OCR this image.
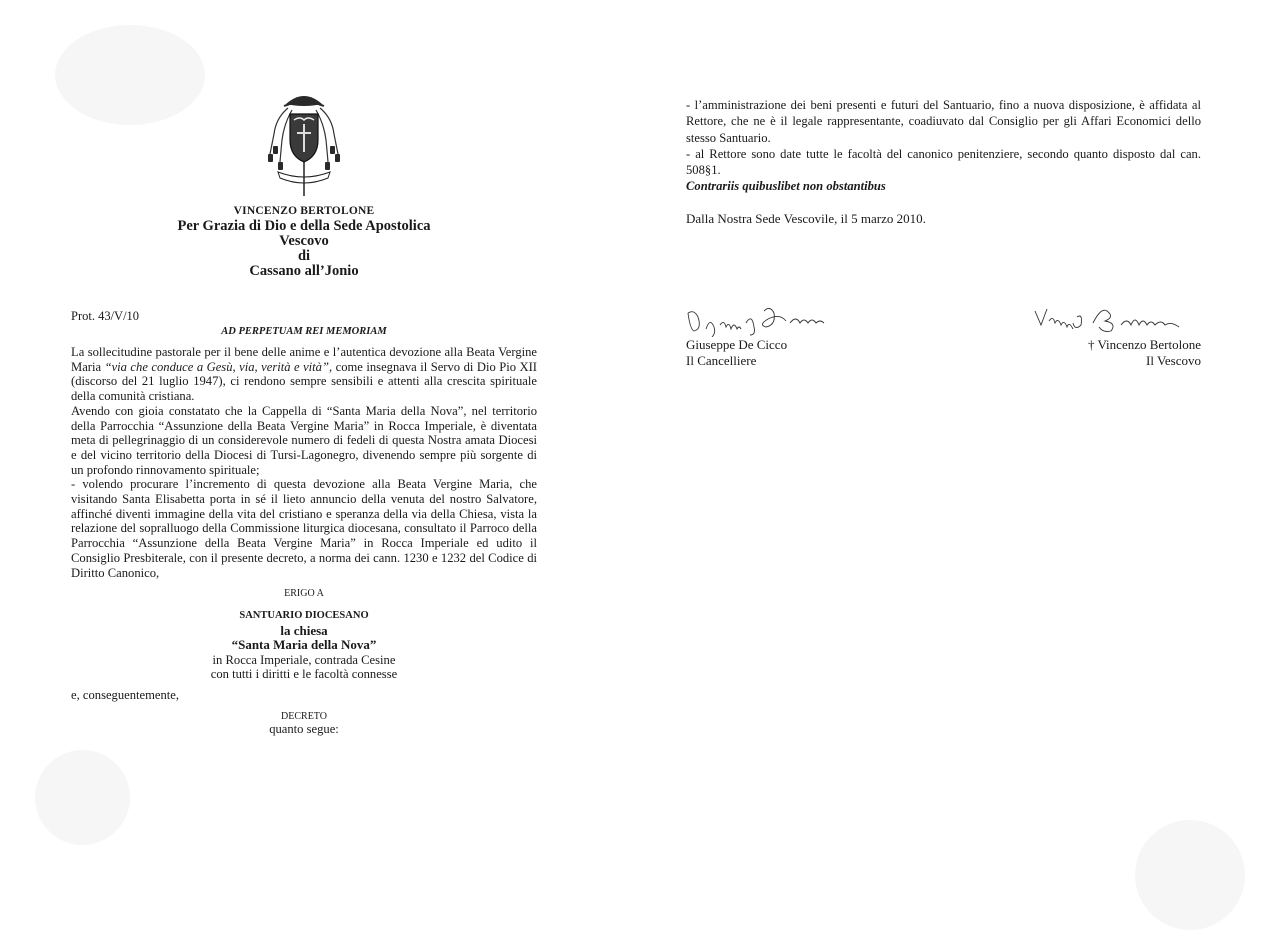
VINCENZO BERTOLONE
Per Grazia di Dio e della Sede Apostolica
Vescovo
di
Cassano all’Jonio
Prot. 43/V/10
AD PERPETUAM REI MEMORIAM

La sollecitudine pastorale per il bene delle anime e l’autentica devozione alla Beata Vergine Maria “via che conduce a Gesù, via, verità e vità”, come insegnava il Servo di Dio Pio XII (discorso del 21 luglio 1947), ci rendono sempre sensibili e attenti alla crescita spirituale della comunità cristiana.

Avendo con gioia constatato che la Cappella di “Santa Maria della Nova”, nel territorio della Parrocchia “Assunzione della Beata Vergine Maria” in Rocca Imperiale, è diventata meta di pellegrinaggio di un considerevole numero di fedeli di questa Nostra amata Diocesi e del vicino territorio della Diocesi di Tursi-Lagonegro, divenendo sempre più sorgente di un profondo rinnovamento spirituale;

- volendo procurare l’incremento di questa devozione alla Beata Vergine Maria, che visitando Santa Elisabetta porta in sé il lieto annuncio della venuta del nostro Salvatore, affinché diventi immagine della vita del cristiano e speranza della via della Chiesa, vista la relazione del sopralluogo della Commissione liturgica diocesana, consultato il Parroco della Parrocchia “Assunzione della Beata Vergine Maria” in Rocca Imperiale ed udito il Consiglio Presbiterale, con il presente decreto, a norma dei cann. 1230 e 1232 del Codice di Diritto Canonico,

ERIGO A
SANTUARIO DIOCESANO
la chiesa
“Santa Maria della Nova”
in Rocca Imperiale, contrada Cesine
con tutti i diritti e le facoltà connesse
e, conseguentemente,
DECRETO
quanto segue:

- l’amministrazione dei beni presenti e futuri del Santuario, fino a nuova disposizione, è affidata al Rettore, che ne è il legale rappresentante, coadiuvato dal Consiglio per gli Affari Economici dello stesso Santuario.

- al Rettore sono date tutte le facoltà del canonico penitenziere, secondo quanto disposto dal can. 508§1.

Contrariis quibuslibet non obstantibus

Dalla Nostra Sede Vescovile, il 5 marzo 2010.
Giuseppe De Cicco
Il Cancelliere
† Vincenzo Bertolone
Il Vescovo
